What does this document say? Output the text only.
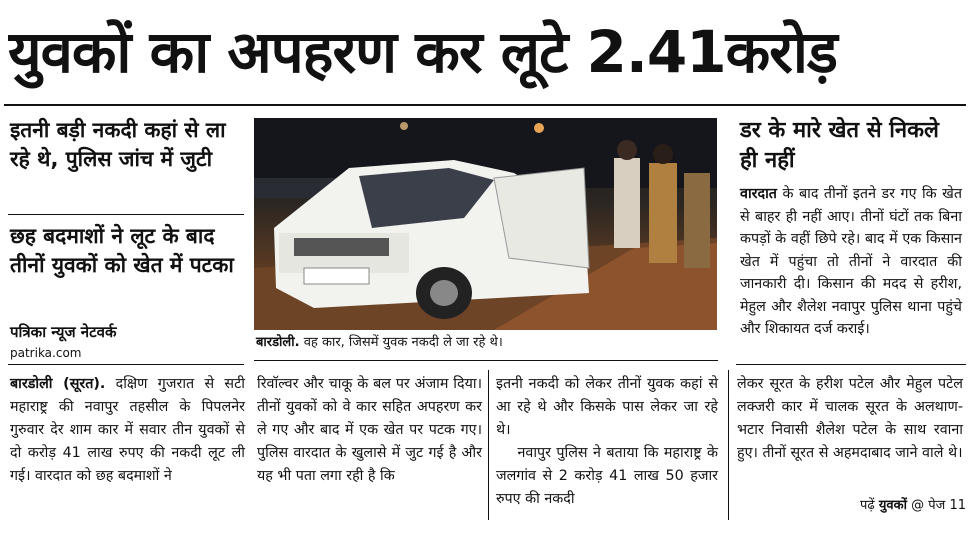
युवकों का अपहरण कर लूटे 2.41करोड़
इतनी बड़ी नकदी कहां से ला रहे थे, पुलिस जांच में जुटी
छह बदमाशों ने लूट के बाद तीनों युवकों को खेत में पटका
पत्रिका न्यूज नेटवर्क
patrika.com
बारडोली. वह कार, जिसमें युवक नकदी ले जा रहे थे।
डर के मारे खेत से निकले ही नहीं
वारदात के बाद तीनों इतने डर गए कि खेत से बाहर ही नहीं आए। तीनों घंटों तक बिना कपड़ों के वहीं छिपे रहे। बाद में एक किसान खेत में पहुंचा तो तीनों ने वारदात की जानकारी दी। किसान की मदद से हरीश, मेहुल और शैलेश नवापुर पुलिस थाना पहुंचे और शिकायत दर्ज कराई।
बारडोली (सूरत). दक्षिण गुजरात से सटी महाराष्ट्र की नवापुर तहसील के पिपलनेर गुरुवार देर शाम कार में सवार तीन युवकों से दो करोड़ 41 लाख रुपए की नकदी लूट ली गई। वारदात को छह बदमाशों ने
रिवॉल्वर और चाकू के बल पर अंजाम दिया। तीनों युवकों को वे कार सहित अपहरण कर ले गए और बाद में एक खेत पर पटक गए। पुलिस वारदात के खुलासे में जुट गई है और यह भी पता लगा रही है कि

इतनी नकदी को लेकर तीनों युवक कहां से आ रहे थे और किसके पास लेकर जा रहे थे।

नवापुर पुलिस ने बताया कि महाराष्ट्र के जलगांव से 2 करोड़ 41 लाख 50 हजार रुपए की नकदी

लेकर सूरत के हरीश पटेल और मेहुल पटेल लक्जरी कार में चालक सूरत के अलथाण-भटार निवासी शैलेश पटेल के साथ रवाना हुए। तीनों सूरत से अहमदाबाद जाने वाले थे।
पढ़ें युवकों @ पेज 11
